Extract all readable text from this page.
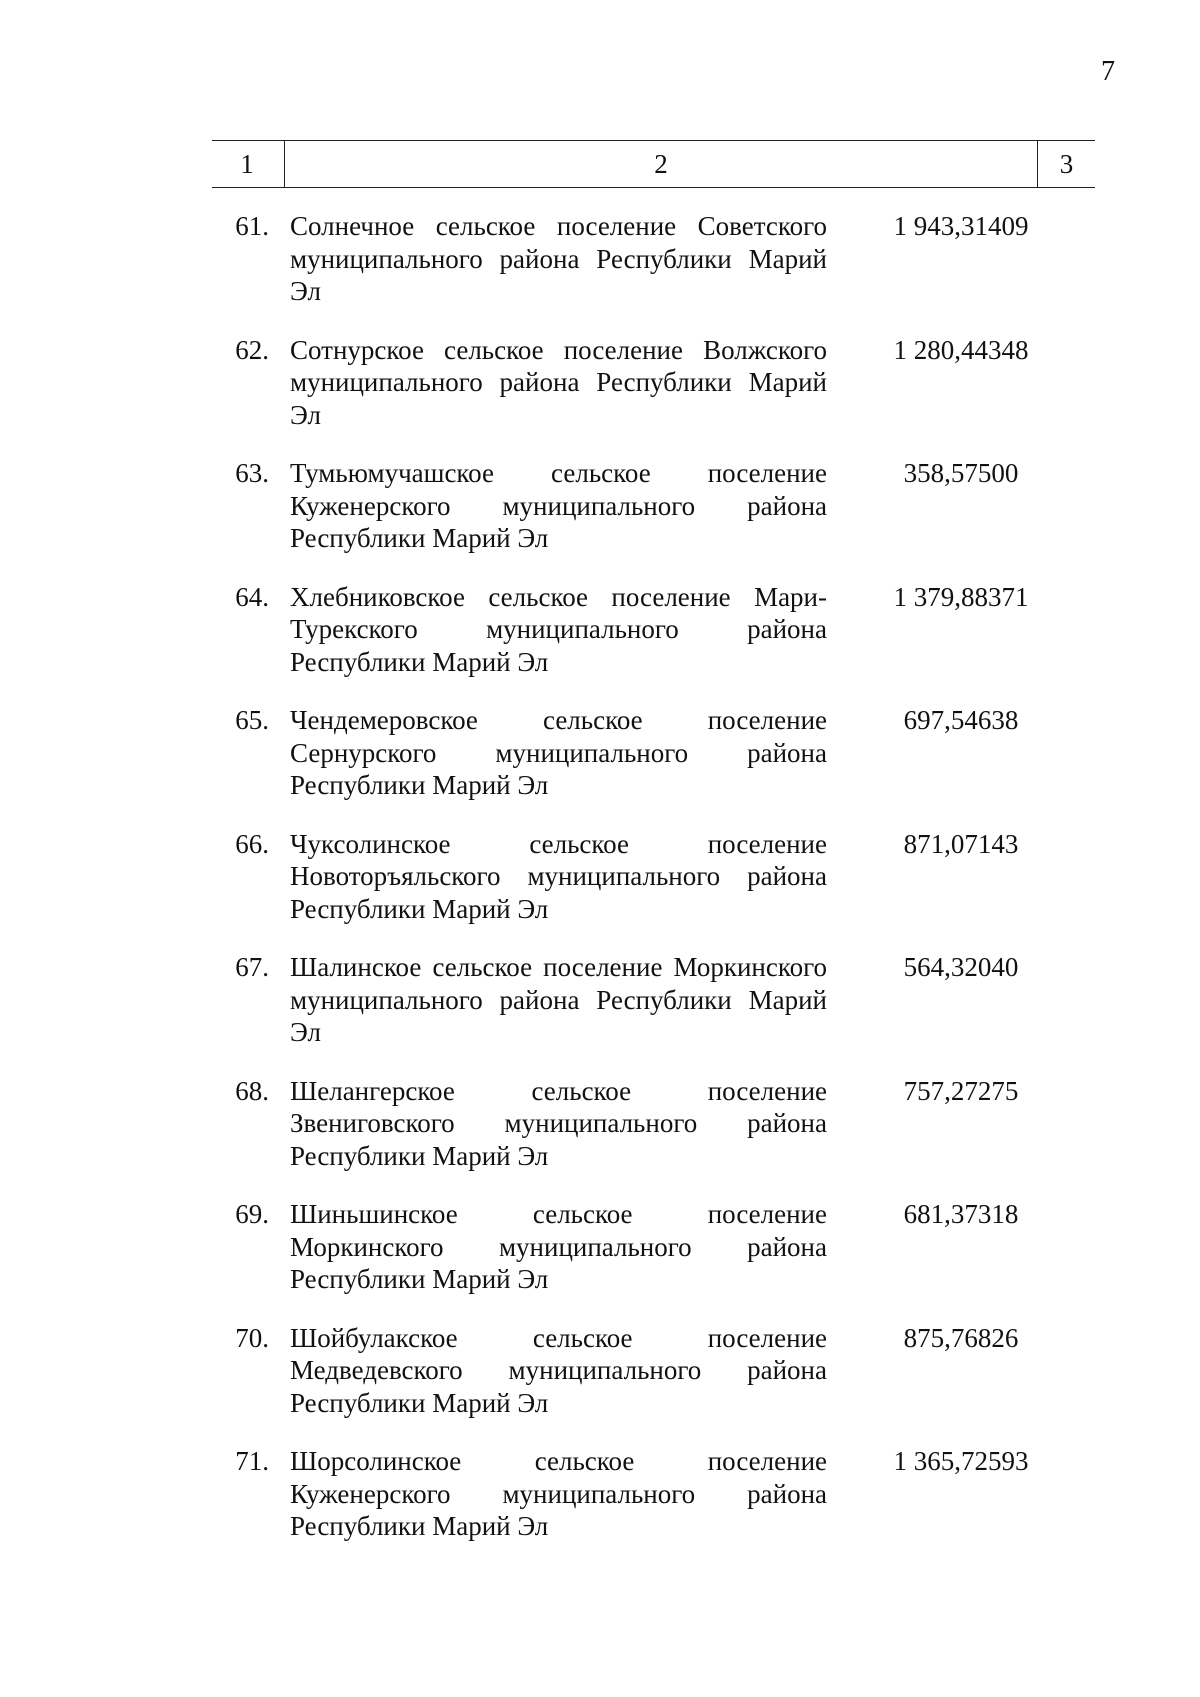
7
1	2	3
61. Солнечное сельское поселение Советского муниципального района Республики Марий Эл
1 943,31409
62. Сотнурское сельское поселение Волжского муниципального района Республики Марий Эл
1 280,44348
63. Тумьюмучашское сельское поселение Куженерского муниципального района Республики Марий Эл
358,57500
64. Хлебниковское сельское поселение Мари-Турекского муниципального района Республики Марий Эл
1 379,88371
65. Чендемеровское сельское поселение Сернурского муниципального района Республики Марий Эл
697,54638
66. Чуксолинское сельское поселение Новоторъяльского муниципального района Республики Марий Эл
871,07143
67. Шалинское сельское поселение Моркинского муниципального района Республики Марий Эл
564,32040
68. Шелангерское сельское поселение Звениговского муниципального района Республики Марий Эл
757,27275
69. Шиньшинское сельское поселение Моркинского муниципального района Республики Марий Эл
681,37318
70. Шойбулакское сельское поселение Медведевского муниципального района Республики Марий Эл
875,76826
71. Шорсолинское сельское поселение Куженерского муниципального района Республики Марий Эл
1 365,72593
